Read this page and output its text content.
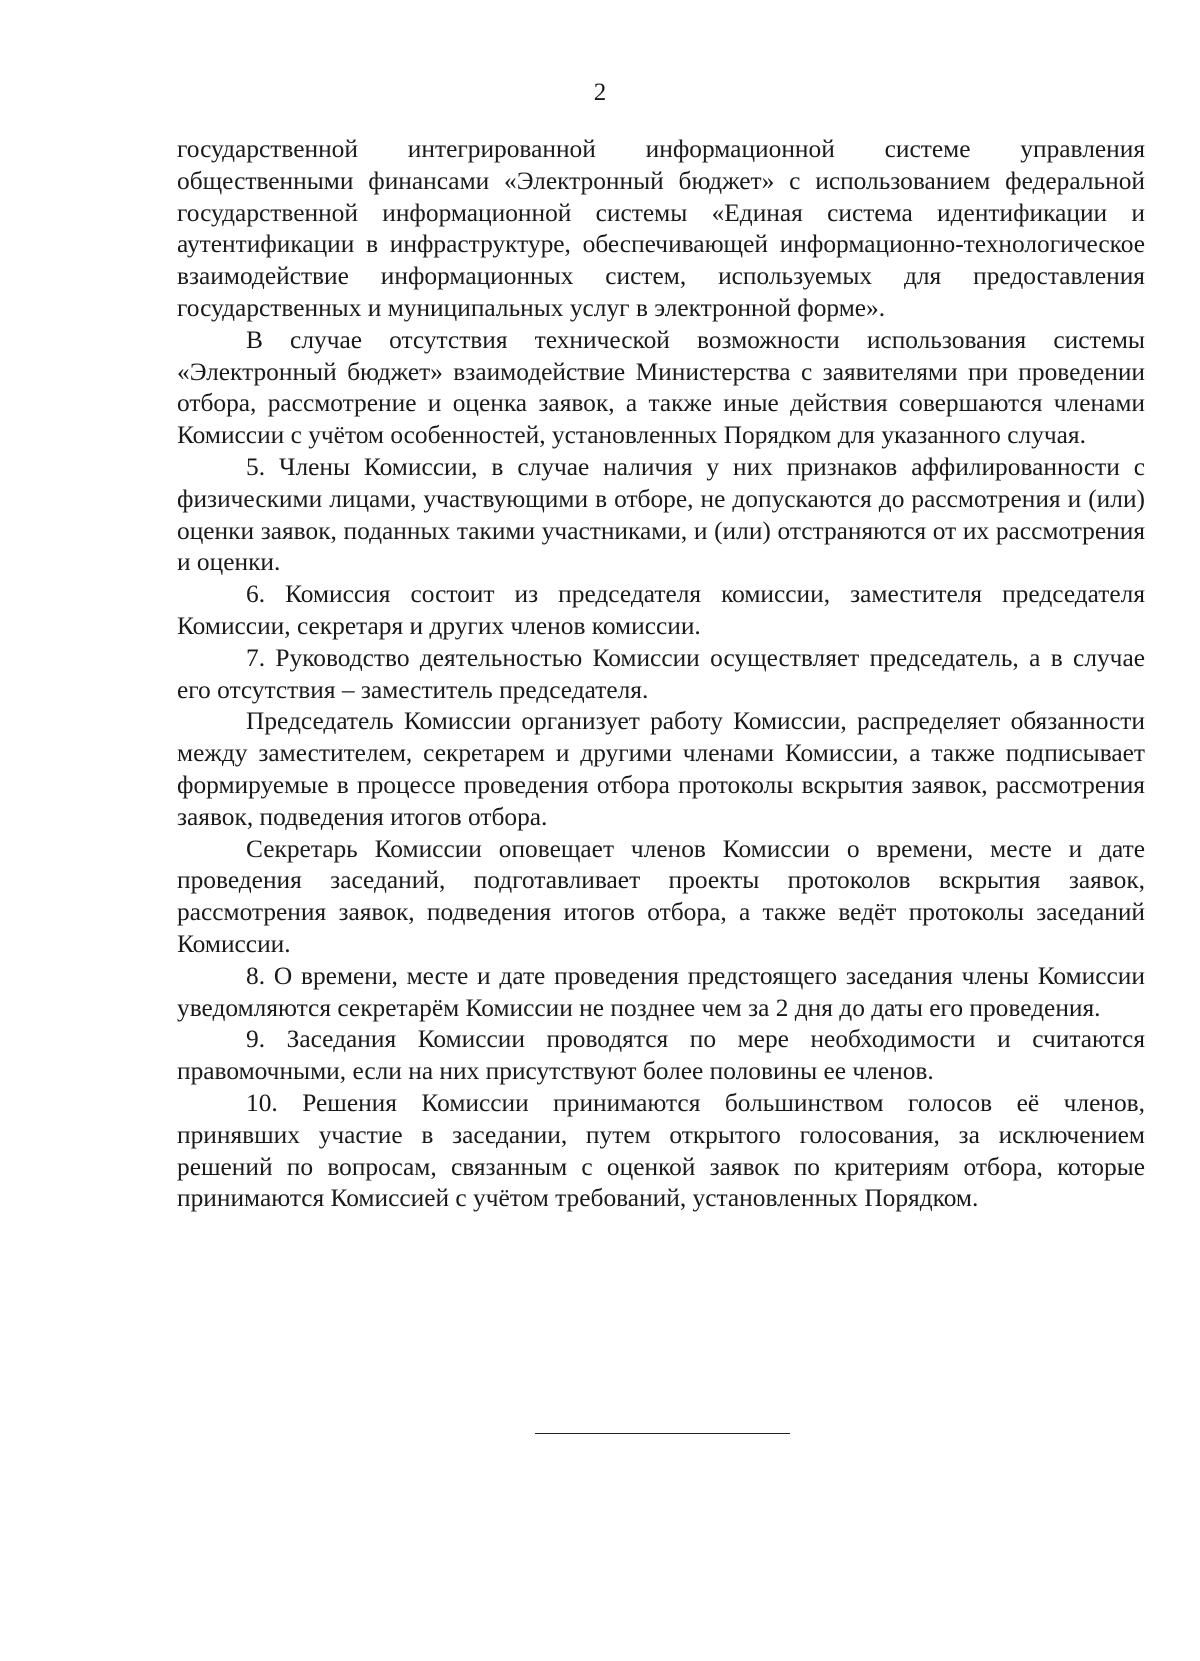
2

государственной интегрированной информационной системе управления общественными финансами «Электронный бюджет» с использованием федеральной государственной информационной системы «Единая система идентификации и аутентификации в инфраструктуре, обеспечивающей информационно-технологическое взаимодействие информационных систем, используемых для предоставления государственных и муниципальных услуг в электронной форме».

В случае отсутствия технической возможности использования системы «Электронный бюджет» взаимодействие Министерства с заявителями при проведении отбора, рассмотрение и оценка заявок, а также иные действия совершаются членами Комиссии с учётом особенностей, установленных Порядком для указанного случая.

5. Члены Комиссии, в случае наличия у них признаков аффилированности с физическими лицами, участвующими в отборе, не допускаются до рассмотрения и (или) оценки заявок, поданных такими участниками, и (или) отстраняются от их рассмотрения и оценки.

6. Комиссия состоит из председателя комиссии, заместителя председателя Комиссии, секретаря и других членов комиссии.

7. Руководство деятельностью Комиссии осуществляет председатель, а в случае его отсутствия – заместитель председателя.

Председатель Комиссии организует работу Комиссии, распределяет обязанности между заместителем, секретарем и другими членами Комиссии, а также подписывает формируемые в процессе проведения отбора протоколы вскрытия заявок, рассмотрения заявок, подведения итогов отбора.

Секретарь Комиссии оповещает членов Комиссии о времени, месте и дате проведения заседаний, подготавливает проекты протоколов вскрытия заявок, рассмотрения заявок, подведения итогов отбора, а также ведёт протоколы заседаний Комиссии.

8. О времени, месте и дате проведения предстоящего заседания члены Комиссии уведомляются секретарём Комиссии не позднее чем за 2 дня до даты его проведения.

9. Заседания Комиссии проводятся по мере необходимости и считаются правомочными, если на них присутствуют более половины ее членов.

10. Решения Комиссии принимаются большинством голосов её членов, принявших участие в заседании, путем открытого голосования, за исключением решений по вопросам, связанным с оценкой заявок по критериям отбора, которые принимаются Комиссией с учётом требований, установленных Порядком.
